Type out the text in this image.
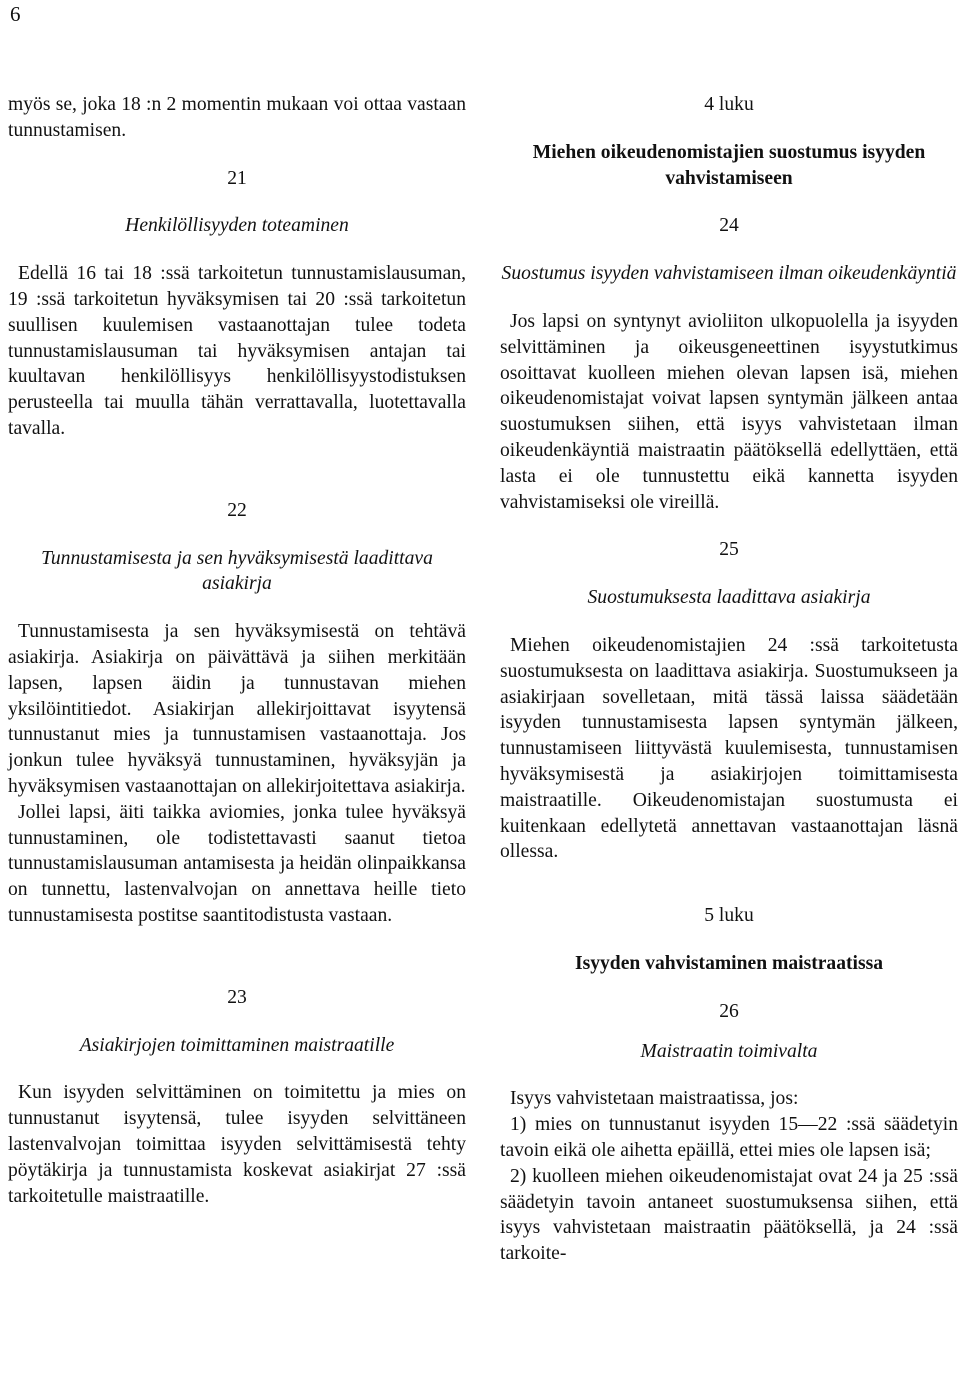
6

myös se, joka 18 :n 2 momentin mukaan voi ottaa vastaan tunnustamisen.

21

Henkilöllisyyden toteaminen

Edellä 16 tai 18 :ssä tarkoitetun tunnustamislausuman, 19 :ssä tarkoitetun hyväksymisen tai 20 :ssä tarkoitetun suullisen kuulemisen vastaanottajan tulee todeta tunnustamislausuman tai hyväksymisen antajan tai kuultavan henkilöllisyys henkilöllisyystodistuksen perusteella tai muulla tähän verrattavalla, luotettavalla tavalla.

22

Tunnustamisesta ja sen hyväksymisestä laadittava asiakirja

Tunnustamisesta ja sen hyväksymisestä on tehtävä asiakirja. Asiakirja on päivättävä ja siihen merkitään lapsen, lapsen äidin ja tunnustavan miehen yksilöintitiedot. Asiakirjan allekirjoittavat isyytensä tunnustanut mies ja tunnustamisen vastaanottaja. Jos jonkun tulee hyväksyä tunnustaminen, hyväksyjän ja hyväksymisen vastaanottajan on allekirjoitettava asiakirja.

Jollei lapsi, äiti taikka aviomies, jonka tulee hyväksyä tunnustaminen, ole todistettavasti saanut tietoa tunnustamislausuman antamisesta ja heidän olinpaikkansa on tunnettu, lastenvalvojan on annettava heille tieto tunnustamisesta postitse saantitodistusta vastaan.

23

Asiakirjojen toimittaminen maistraatille

Kun isyyden selvittäminen on toimitettu ja mies on tunnustanut isyytensä, tulee isyyden selvittäneen lastenvalvojan toimittaa isyyden selvittämisestä tehty pöytäkirja ja tunnustamista koskevat asiakirjat 27 :ssä tarkoitetulle maistraatille.

4 luku

Miehen oikeudenomistajien suostumus isyyden vahvistamiseen

24

Suostumus isyyden vahvistamiseen ilman oikeudenkäyntiä

Jos lapsi on syntynyt avioliiton ulkopuolella ja isyyden selvittäminen ja oikeusgeneettinen isyystutkimus osoittavat kuolleen miehen olevan lapsen isä, miehen oikeudenomistajat voivat lapsen syntymän jälkeen antaa suostumuksen siihen, että isyys vahvistetaan ilman oikeudenkäyntiä maistraatin päätöksellä edellyttäen, että lasta ei ole tunnustettu eikä kannetta isyyden vahvistamiseksi ole vireillä.

25

Suostumuksesta laadittava asiakirja

Miehen oikeudenomistajien 24 :ssä tarkoitetusta suostumuksesta on laadittava asiakirja. Suostumukseen ja asiakirjaan sovelletaan, mitä tässä laissa säädetään isyyden tunnustamisesta lapsen syntymän jälkeen, tunnustamiseen liittyvästä kuulemisesta, tunnustamisen hyväksymisestä ja asiakirjojen toimittamisesta maistraatille. Oikeudenomistajan suostumusta ei kuitenkaan edellytetä annettavan vastaanottajan läsnä ollessa.

5 luku

Isyyden vahvistaminen maistraatissa

26

Maistraatin toimivalta

Isyys vahvistetaan maistraatissa, jos:

1) mies on tunnustanut isyyden 15—22 :ssä säädetyin tavoin eikä ole aihetta epäillä, ettei mies ole lapsen isä;

2) kuolleen miehen oikeudenomistajat ovat 24 ja 25 :ssä säädetyin tavoin antaneet suostumuksensa siihen, että isyys vahvistetaan maistraatin päätöksellä, ja 24 :ssä tarkoite-
